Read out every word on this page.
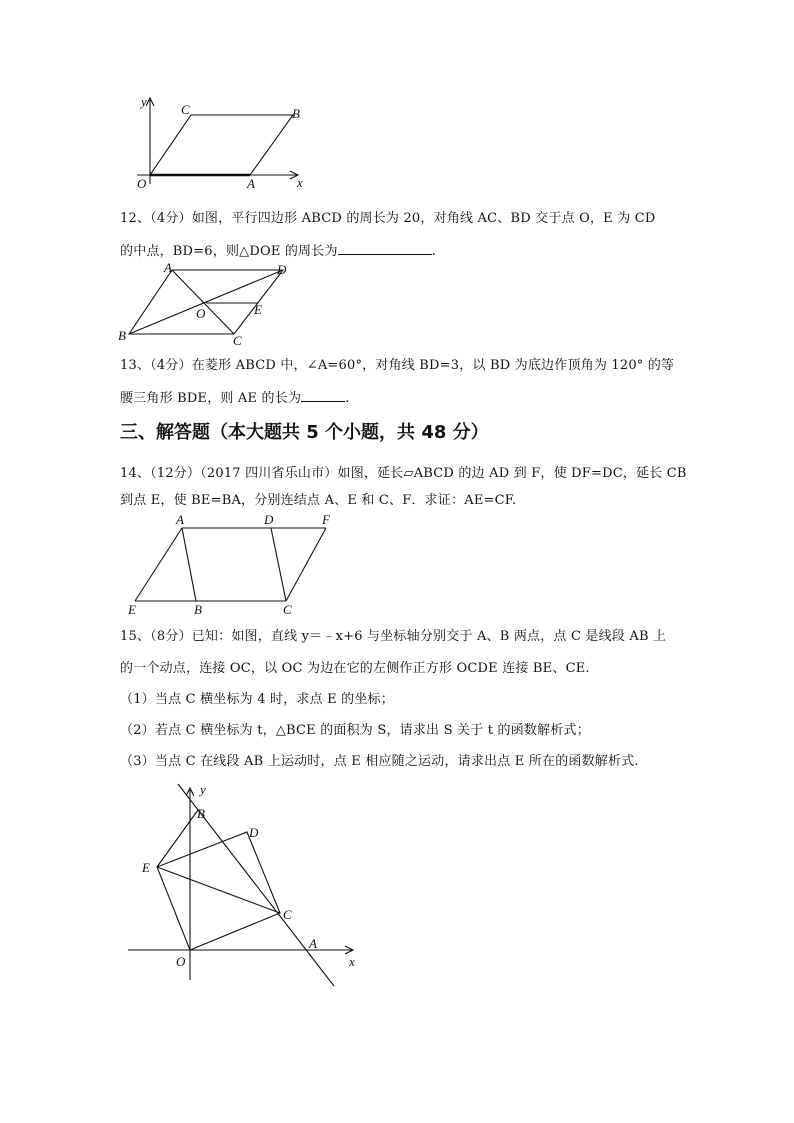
y
x
O	A
B
C
12、（4分）如图，平行四边形 ABCD 的周长为 20，对角线 AC、BD 交于点 O，E 为 CD
的中点，BD=6，则△DOE 的周长为	.
A	D
B	C
O	E
13、（4分）在菱形 ABCD 中，∠A=60°，对角线 BD=3，以 BD 为底边作顶角为 120° 的等
腰三角形 BDE，则 AE 的长为	.
三、解答题（本大题共 5 个小题，共 48 分）
14、（12分）（2017 四川省乐山市）如图，延长▱ABCD 的边 AD 到 F，使 DF=DC，延长 CB
到点 E，使 BE=BA，分别连结点 A、E 和 C、F．求证：AE=CF.
A	D	F
E	B	C
15、（8分）已知：如图，直线 y＝﹣x+6 与坐标轴分别交于 A、B 两点，点 C 是线段 AB 上
的一个动点，连接 OC，以 OC 为边在它的左侧作正方形 OCDE 连接 BE、CE.
（1）当点 C 横坐标为 4 时，求点 E 的坐标；
（2）若点 C 横坐标为 t，△BCE 的面积为 S，请求出 S 关于 t 的函数解析式；
（3）当点 C 在线段 AB 上运动时，点 E 相应随之运动，请求出点 E 所在的函数解析式.
y
x
O
A
B
C
D
E
